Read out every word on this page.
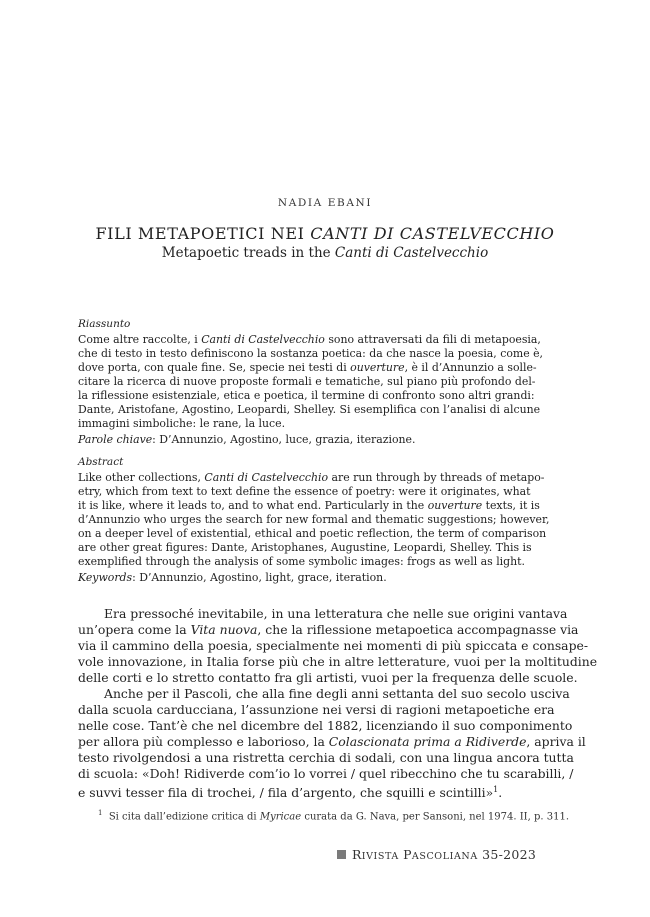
NADIA EBANI
FILI METAPOETICI NEI CANTI DI CASTELVECCHIO
Metapoetic treads in the Canti di Castelvecchio
Riassunto
Come altre raccolte, i Canti di Castelvecchio sono attraversati da fili di metapoesia,
che di testo in testo definiscono la sostanza poetica: da che nasce la poesia, come è,
dove porta, con quale fine. Se, specie nei testi di ouverture, è il d’Annunzio a solle-
citare la ricerca di nuove proposte formali e tematiche, sul piano più profondo del-
la riflessione esistenziale, etica e poetica, il termine di confronto sono altri grandi:
Dante, Aristofane, Agostino, Leopardi, Shelley. Si esemplifica con l’analisi di alcune
immagini simboliche: le rane, la luce.
Parole chiave: D’Annunzio, Agostino, luce, grazia, iterazione.
Abstract
Like other collections, Canti di Castelvecchio are run through by threads of metapo-
etry, which from text to text define the essence of poetry: were it originates, what
it is like, where it leads to, and to what end. Particularly in the ouverture texts, it is
d’Annunzio who urges the search for new formal and thematic suggestions; however,
on a deeper level of existential, ethical and poetic reflection, the term of comparison
are other great figures: Dante, Aristophanes, Augustine, Leopardi, Shelley. This is
exemplified through the analysis of some symbolic images: frogs as well as light.
Keywords: D’Annunzio, Agostino, light, grace, iteration.
Era pressoché inevitabile, in una letteratura che nelle sue origini vantava
un’opera come la Vita nuova, che la riflessione metapoetica accompagnasse via
via il cammino della poesia, specialmente nei momenti di più spiccata e consape-
vole innovazione, in Italia forse più che in altre letterature, vuoi per la moltitudine
delle corti e lo stretto contatto fra gli artisti, vuoi per la frequenza delle scuole.
Anche per il Pascoli, che alla fine degli anni settanta del suo secolo usciva
dalla scuola carducciana, l’assunzione nei versi di ragioni metapoetiche era
nelle cose. Tant’è che nel dicembre del 1882, licenziando il suo componimento
per allora più complesso e laborioso, la Colascionata prima a Ridiverde, apriva il
testo rivolgendosi a una ristretta cerchia di sodali, con una lingua ancora tutta
di scuola: «Doh! Ridiverde com’io lo vorrei / quel ribecchino che tu scarabilli, /
e suvvi tesser fila di trochei, / fila d’argento, che squilli e scintilli»$^1$.
$^1$ Si cita dall’edizione critica di Myricae curata da G. Nava, per Sansoni, nel 1974. II, p. 311.
RIVISTA PASCOLIANA 35-2023
